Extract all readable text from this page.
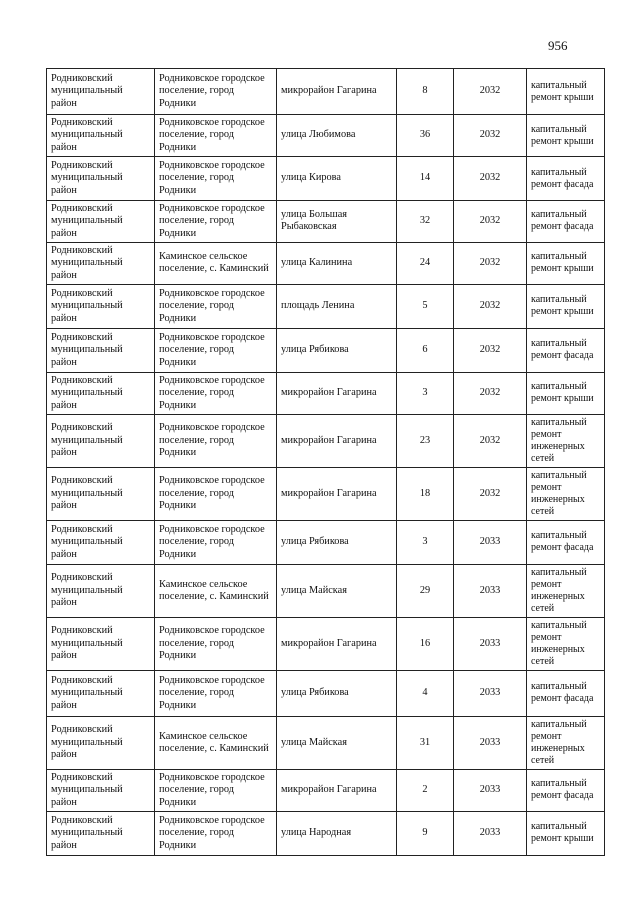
956
Родниковский муниципальный район	Родниковское городское поселение, город Родники	микрорайон Гагарина	8	2032	капитальный ремонт крыши
Родниковский муниципальный район	Родниковское городское поселение, город Родники	улица Любимова	36	2032	капитальный ремонт крыши
Родниковский муниципальный район	Родниковское городское поселение, город Родники	улица Кирова	14	2032	капитальный ремонт фасада
Родниковский муниципальный район	Родниковское городское поселение, город Родники	улица Большая Рыбаковская	32	2032	капитальный ремонт фасада
Родниковский муниципальный район	Каминское сельское поселение, с. Каминский	улица Калинина	24	2032	капитальный ремонт крыши
Родниковский муниципальный район	Родниковское городское поселение, город Родники	площадь Ленина	5	2032	капитальный ремонт крыши
Родниковский муниципальный район	Родниковское городское поселение, город Родники	улица Рябикова	6	2032	капитальный ремонт фасада
Родниковский муниципальный район	Родниковское городское поселение, город Родники	микрорайон Гагарина	3	2032	капитальный ремонт крыши
Родниковский муниципальный район	Родниковское городское поселение, город Родники	микрорайон Гагарина	23	2032	капитальный ремонт инженерных сетей
Родниковский муниципальный район	Родниковское городское поселение, город Родники	микрорайон Гагарина	18	2032	капитальный ремонт инженерных сетей
Родниковский муниципальный район	Родниковское городское поселение, город Родники	улица Рябикова	3	2033	капитальный ремонт фасада
Родниковский муниципальный район	Каминское сельское поселение, с. Каминский	улица Майская	29	2033	капитальный ремонт инженерных сетей
Родниковский муниципальный район	Родниковское городское поселение, город Родники	микрорайон Гагарина	16	2033	капитальный ремонт инженерных сетей
Родниковский муниципальный район	Родниковское городское поселение, город Родники	улица Рябикова	4	2033	капитальный ремонт фасада
Родниковский муниципальный район	Каминское сельское поселение, с. Каминский	улица Майская	31	2033	капитальный ремонт инженерных сетей
Родниковский муниципальный район	Родниковское городское поселение, город Родники	микрорайон Гагарина	2	2033	капитальный ремонт фасада
Родниковский муниципальный район	Родниковское городское поселение, город Родники	улица Народная	9	2033	капитальный ремонт крыши
